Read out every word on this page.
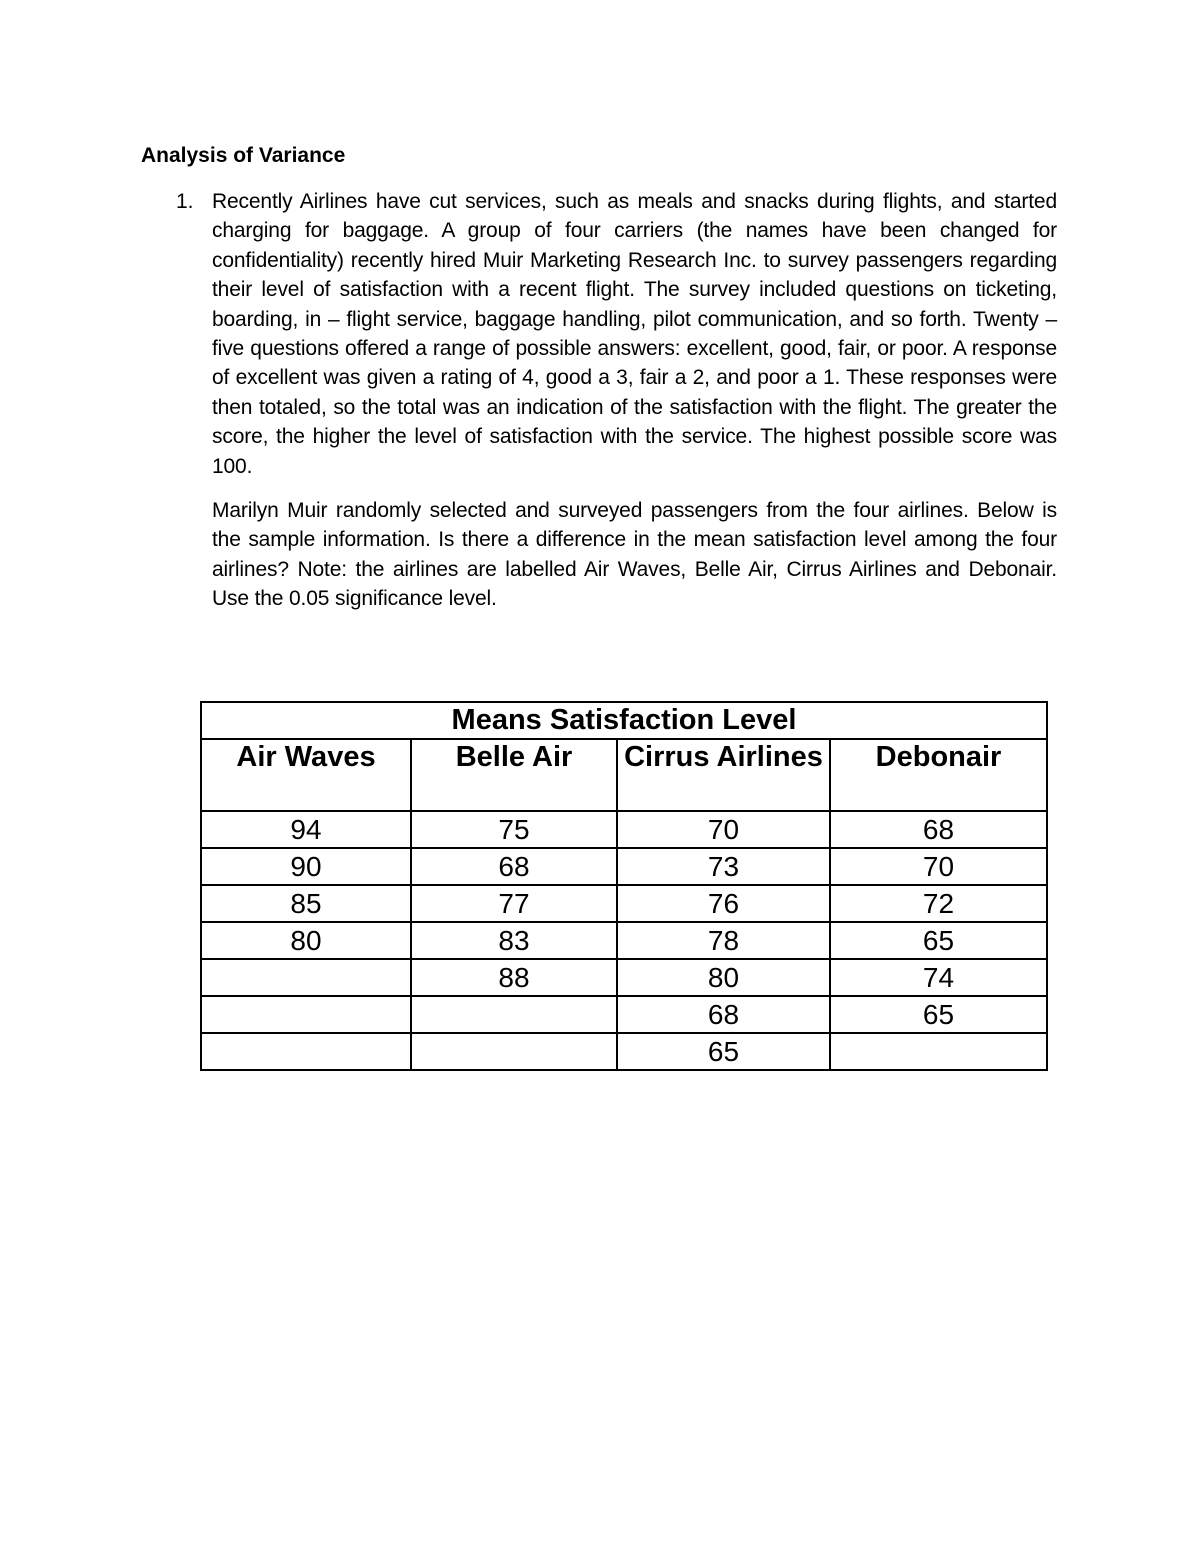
Analysis of Variance
1. Recently Airlines have cut services, such as meals and snacks during flights, and started charging for baggage. A group of four carriers (the names have been changed for confidentiality) recently hired Muir Marketing Research Inc. to survey passengers regarding their level of satisfaction with a recent flight. The survey included questions on ticketing, boarding, in – flight service, baggage handling, pilot communication, and so forth. Twenty – five questions offered a range of possible answers: excellent, good, fair, or poor. A response of excellent was given a rating of 4, good a 3, fair a 2, and poor a 1. These responses were then totaled, so the total was an indication of the satisfaction with the flight. The greater the score, the higher the level of satisfaction with the service. The highest possible score was 100.

Marilyn Muir randomly selected and surveyed passengers from the four airlines. Below is the sample information. Is there a difference in the mean satisfaction level among the four airlines? Note: the airlines are labelled Air Waves, Belle Air, Cirrus Airlines and Debonair. Use the 0.05 significance level.

Means Satisfaction Level			
Air Waves	Belle Air	Cirrus Airlines	Debonair
94	75	70	68
90	68	73	70
85	77	76	72
80	83	78	65
	88	80	74
		68	65
		65	
